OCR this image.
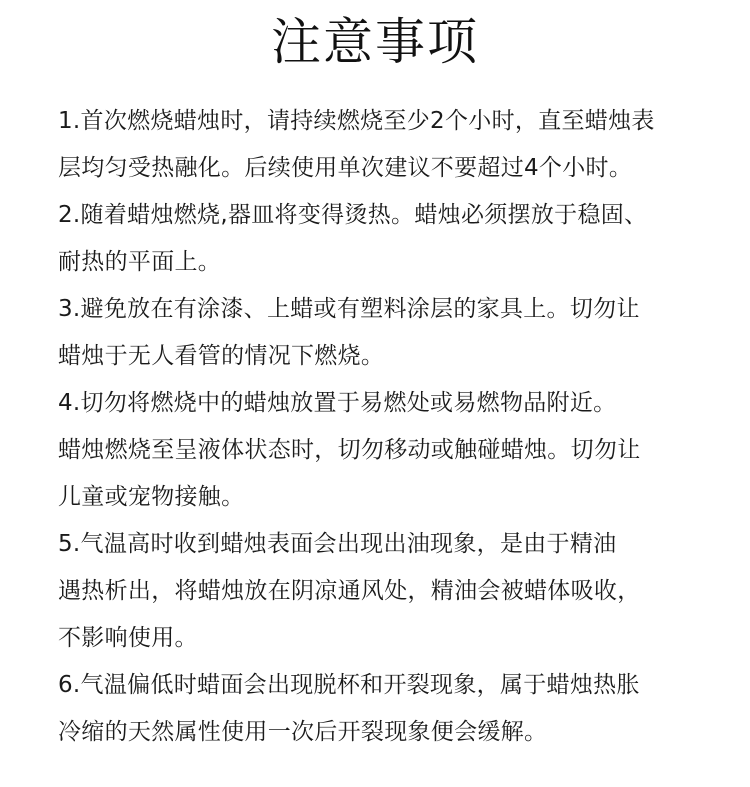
注意事项
1.首次燃烧蜡烛时，请持续燃烧至少2个小时，直至蜡烛表
层均匀受热融化。后续使用单次建议不要超过4个小时。
2.随着蜡烛燃烧,器皿将变得烫热。蜡烛必须摆放于稳固、
耐热的平面上。
3.避免放在有涂漆、上蜡或有塑料涂层的家具上。切勿让
蜡烛于无人看管的情况下燃烧。
4.切勿将燃烧中的蜡烛放置于易燃处或易燃物品附近。
蜡烛燃烧至呈液体状态时，切勿移动或触碰蜡烛。切勿让
儿童或宠物接触。
5.气温高时收到蜡烛表面会出现出油现象，是由于精油
遇热析出，将蜡烛放在阴凉通风处，精油会被蜡体吸收，
不影响使用。
6.气温偏低时蜡面会出现脱杯和开裂现象，属于蜡烛热胀
冷缩的天然属性使用一次后开裂现象便会缓解。
